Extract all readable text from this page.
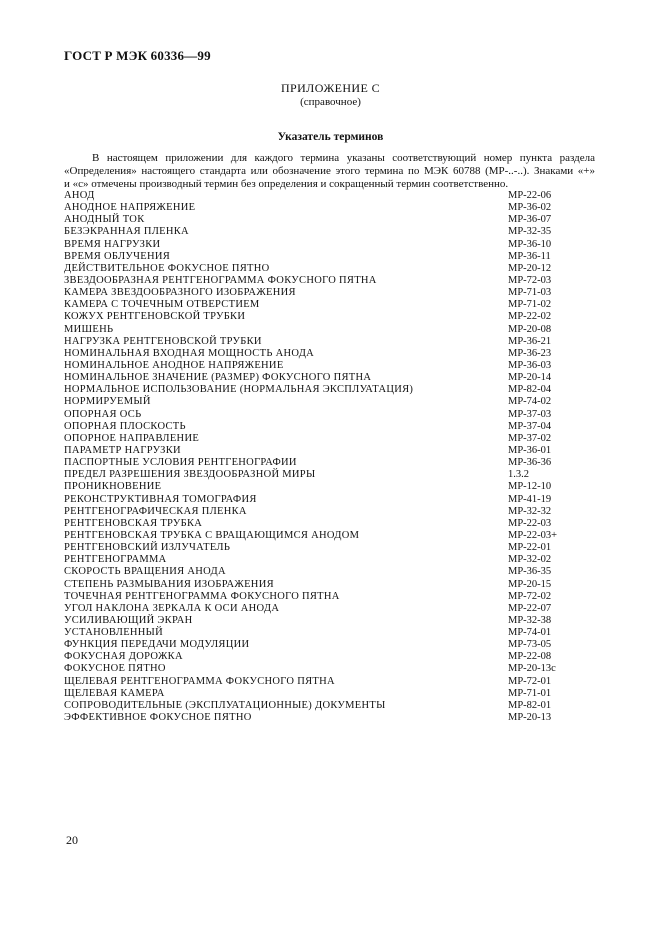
ГОСТ Р МЭК 60336—99
ПРИЛОЖЕНИЕ С
(справочное)
Указатель терминов
В настоящем приложении для каждого термина указаны соответствующий номер пункта раздела «Определения» настоящего стандарта или обозначение этого термина по МЭК 60788 (MP-..-..). Знаками «+»
и «с» отмечены производный термин без определения и сокращенный термин соответственно.
АНОД	MP-22-06
АНОДНОЕ НАПРЯЖЕНИЕ	MP-36-02
АНОДНЫЙ ТОК	MP-36-07
БЕЗЭКРАННАЯ ПЛЕНКА	MP-32-35
ВРЕМЯ НАГРУЗКИ	MP-36-10
ВРЕМЯ ОБЛУЧЕНИЯ	MP-36-11
ДЕЙСТВИТЕЛЬНОЕ ФОКУСНОЕ ПЯТНО	MP-20-12
ЗВЕЗДООБРАЗНАЯ РЕНТГЕНОГРАММА ФОКУСНОГО ПЯТНА	MP-72-03
КАМЕРА ЗВЕЗДООБРАЗНОГО ИЗОБРАЖЕНИЯ	MP-71-03
КАМЕРА С ТОЧЕЧНЫМ ОТВЕРСТИЕМ	MP-71-02
КОЖУХ РЕНТГЕНОВСКОЙ ТРУБКИ	MP-22-02
МИШЕНЬ	MP-20-08
НАГРУЗКА РЕНТГЕНОВСКОЙ ТРУБКИ	MP-36-21
НОМИНАЛЬНАЯ ВХОДНАЯ МОЩНОСТЬ АНОДА	MP-36-23
НОМИНАЛЬНОЕ АНОДНОЕ НАПРЯЖЕНИЕ	MP-36-03
НОМИНАЛЬНОЕ ЗНАЧЕНИЕ (РАЗМЕР) ФОКУСНОГО ПЯТНА	MP-20-14
НОРМАЛЬНОЕ ИСПОЛЬЗОВАНИЕ (НОРМАЛЬНАЯ ЭКСПЛУАТАЦИЯ)	MP-82-04
НОРМИРУЕМЫЙ	MP-74-02
ОПОРНАЯ ОСЬ	MP-37-03
ОПОРНАЯ ПЛОСКОСТЬ	MP-37-04
ОПОРНОЕ НАПРАВЛЕНИЕ	MP-37-02
ПАРАМЕТР НАГРУЗКИ	MP-36-01
ПАСПОРТНЫЕ УСЛОВИЯ РЕНТГЕНОГРАФИИ	MP-36-36
ПРЕДЕЛ РАЗРЕШЕНИЯ ЗВЕЗДООБРАЗНОЙ МИРЫ	1.3.2
ПРОНИКНОВЕНИЕ	MP-12-10
РЕКОНСТРУКТИВНАЯ ТОМОГРАФИЯ	MP-41-19
РЕНТГЕНОГРАФИЧЕСКАЯ ПЛЕНКА	MP-32-32
РЕНТГЕНОВСКАЯ ТРУБКА	MP-22-03
РЕНТГЕНОВСКАЯ ТРУБКА С ВРАЩАЮЩИМСЯ АНОДОМ	MP-22-03+
РЕНТГЕНОВСКИЙ ИЗЛУЧАТЕЛЬ	MP-22-01
РЕНТГЕНОГРАММА	MP-32-02
СКОРОСТЬ ВРАЩЕНИЯ АНОДА	MP-36-35
СТЕПЕНЬ РАЗМЫВАНИЯ ИЗОБРАЖЕНИЯ	MP-20-15
ТОЧЕЧНАЯ РЕНТГЕНОГРАММА ФОКУСНОГО ПЯТНА	MP-72-02
УГОЛ НАКЛОНА ЗЕРКАЛА К ОСИ АНОДА	MP-22-07
УСИЛИВАЮЩИЙ ЭКРАН	MP-32-38
УСТАНОВЛЕННЫЙ	MP-74-01
ФУНКЦИЯ ПЕРЕДАЧИ МОДУЛЯЦИИ	MP-73-05
ФОКУСНАЯ ДОРОЖКА	MP-22-08
ФОКУСНОЕ ПЯТНО	MP-20-13c
ЩЕЛЕВАЯ РЕНТГЕНОГРАММА ФОКУСНОГО ПЯТНА	MP-72-01
ЩЕЛЕВАЯ КАМЕРА	MP-71-01
СОПРОВОДИТЕЛЬНЫЕ (ЭКСПЛУАТАЦИОННЫЕ) ДОКУМЕНТЫ	MP-82-01
ЭФФЕКТИВНОЕ ФОКУСНОЕ ПЯТНО	MP-20-13
20
